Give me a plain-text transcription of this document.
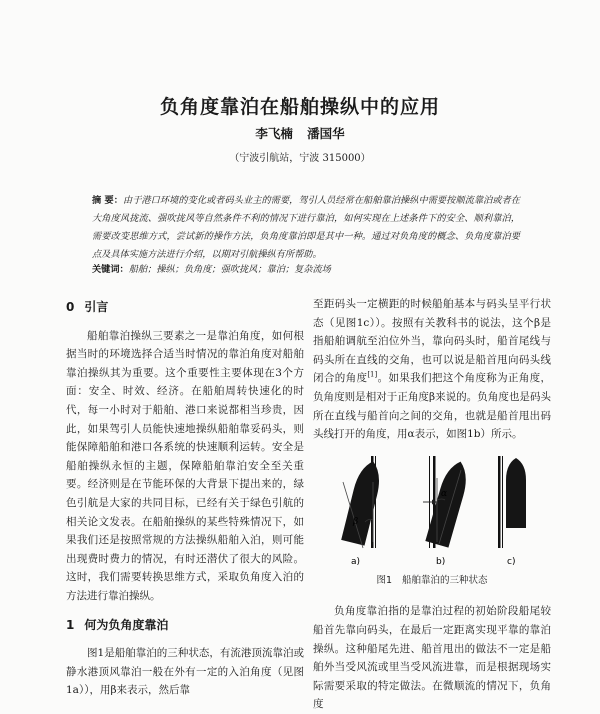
负角度靠泊在船舶操纵中的应用
李飞楠 潘国华
（宁波引航站，宁波 315000）
摘 要：由于港口环境的变化或者码头业主的需要，驾引人员经常在船舶靠泊操纵中需要按顺流靠泊或者在大角度风拢流、强吹拢风等自然条件不利的情况下进行靠泊，如何实现在上述条件下的安全、顺利靠泊，需要改变思维方式，尝试新的操作方法，负角度靠泊即是其中一种。通过对负角度的概念、负角度靠泊要点及具体实施方法进行介绍，以期对引航操纵有所帮助。
关键词：船舶；操纵；负角度；强吹拢风；靠泊；复杂流场
0 引言

船舶靠泊操纵三要素之一是靠泊角度，如何根据当时的环境选择合适当时情况的靠泊角度对船舶靠泊操纵其为重要。这个重要性主要体现在3个方面：安全、时效、经济。在船舶周转快速化的时代，每一小时对于船舶、港口来说都相当珍贵，因此，如果驾引人员能快速地操纵船舶靠妥码头，则能保障船舶和港口各系统的快速顺利运转。安全是船舶操纵永恒的主题，保障船舶靠泊安全至关重要。经济则是在节能环保的大背景下提出来的，绿色引航是大家的共同目标，已经有关于绿色引航的相关论文发表。在船舶操纵的某些特殊情况下，如果我们还是按照常规的方法操纵船舶入泊，则可能出现费时费力的情况，有时还潜伏了很大的风险。这时，我们需要转换思维方式，采取负角度入泊的方法进行靠泊操纵。

1 何为负角度靠泊

图1是船舶靠泊的三种状态，有流港顶流靠泊或静水港顶风靠泊一般在外有一定的入泊角度（见图1a）），用β来表示，然后靠

至距码头一定横距的时候船舶基本与码头呈平行状态（见图1c））。按照有关教科书的说法，这个β是指船舶调航至泊位外当，靠向码头时，船首尾线与码头所在直线的交角，也可以说是船首甩向码头线闭合的角度[1]。如果我们把这个角度称为正角度，负角度则是相对于正角度β来说的。负角度也是码头所在直线与船首向之间的交角，也就是船首甩出码头线打开的角度，用α表示，如图1b）所示。

β
a)
α
b)	c)
图1 船舶靠泊的三种状态

负角度靠泊指的是靠泊过程的初始阶段船尾较船首先靠向码头，在最后一定距离实现平靠的靠泊操纵。这种船尾先进、船首甩出的做法不一定是船舶外当受风流或里当受风流进靠，而是根据现场实际需要采取的特定做法。在微顺流的情况下，负角度
